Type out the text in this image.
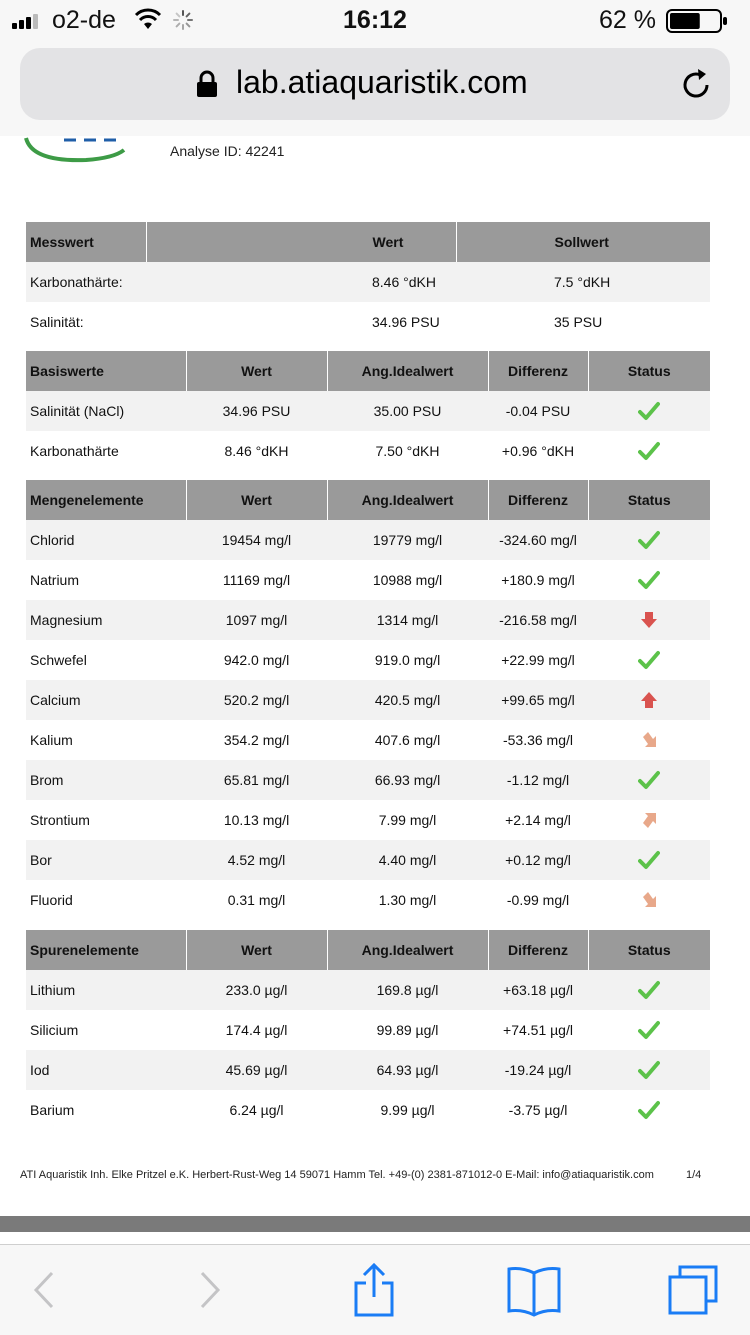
o2-de	16:12	62 %
lab.atiaquaristik.com
Analyse ID: 42241
Messwert	Wert	Sollwert
Karbonathärte:	8.46 °dKH	7.5 °dKH
Salinität:	34.96 PSU	35 PSU
Basiswerte	Wert	Ang.Idealwert	Differenz	Status
Salinität (NaCl)	34.96 PSU	35.00 PSU	-0.04 PSU	
Karbonathärte	8.46 °dKH	7.50 °dKH	+0.96 °dKH	
Mengenelemente	Wert	Ang.Idealwert	Differenz	Status
Chlorid	19454 mg/l	19779 mg/l	-324.60 mg/l	
Natrium	11169 mg/l	10988 mg/l	+180.9 mg/l	
Magnesium	1097 mg/l	1314 mg/l	-216.58 mg/l	
Schwefel	942.0 mg/l	919.0 mg/l	+22.99 mg/l	
Calcium	520.2 mg/l	420.5 mg/l	+99.65 mg/l	
Kalium	354.2 mg/l	407.6 mg/l	-53.36 mg/l	
Brom	65.81 mg/l	66.93 mg/l	-1.12 mg/l	
Strontium	10.13 mg/l	7.99 mg/l	+2.14 mg/l	
Bor	4.52 mg/l	4.40 mg/l	+0.12 mg/l	
Fluorid	0.31 mg/l	1.30 mg/l	-0.99 mg/l	
Spurenelemente	Wert	Ang.Idealwert	Differenz	Status
Lithium	233.0 µg/l	169.8 µg/l	+63.18 µg/l	
Silicium	174.4 µg/l	99.89 µg/l	+74.51 µg/l	
Iod	45.69 µg/l	64.93 µg/l	-19.24 µg/l	
Barium	6.24 µg/l	9.99 µg/l	-3.75 µg/l	
ATI Aquaristik Inh. Elke Pritzel e.K. Herbert-Rust-Weg 14 59071 Hamm Tel. +49-(0) 2381-871012-0 E-Mail: info@atiaquaristik.com	1/4
